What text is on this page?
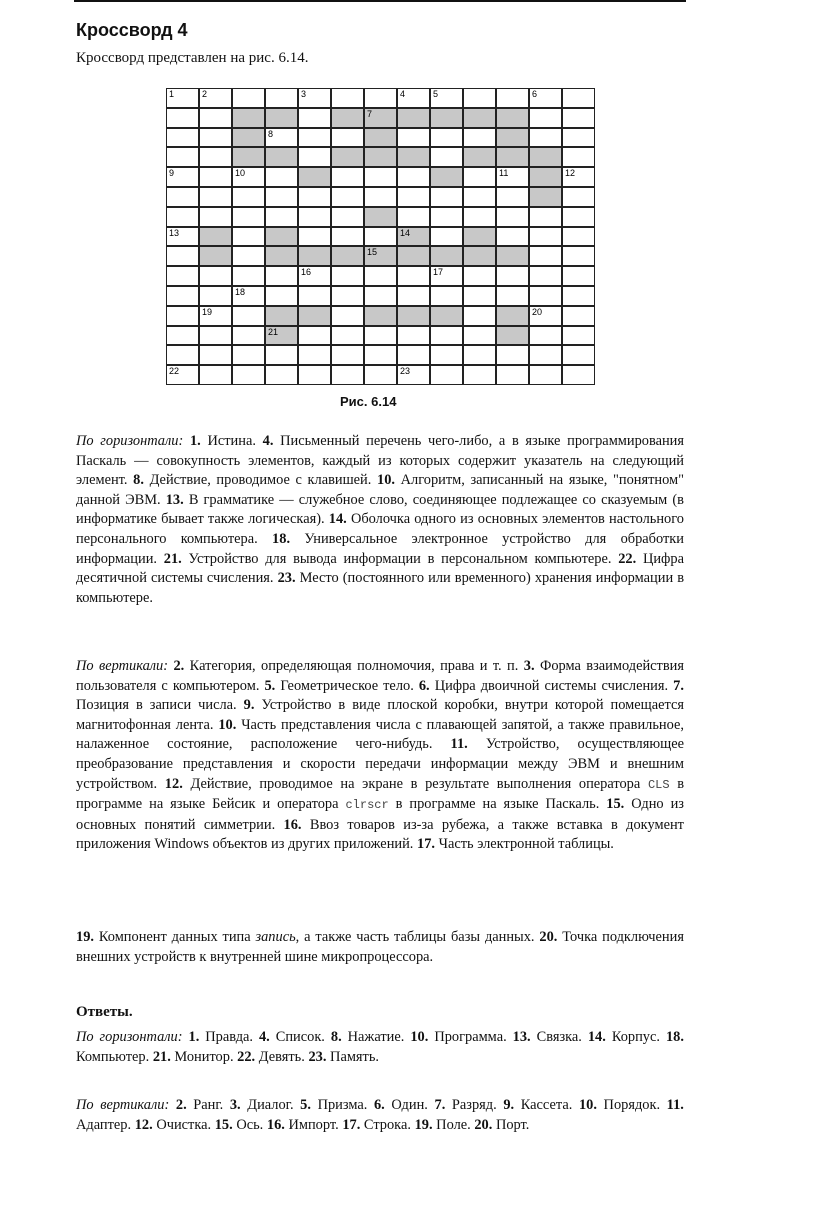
Кроссворд 4
Кроссворд представлен на рис. 6.14.
1	2	3	4	5	6
7
8
9	10	11	12
13	14
15
16	17
18
19	20
21
22	23
Рис. 6.14
По горизонтали: 1. Истина. 4. Письменный перечень чего-либо, а в языке программирования Паскаль — совокупность элементов, каждый из которых содержит указатель на следующий элемент. 8. Действие, проводимое с клавишей. 10. Алгоритм, записанный на языке, "понятном" данной ЭВМ. 13. В грамматике — служебное слово, соединяющее подлежащее со сказуемым (в информатике бывает также логическая). 14. Оболочка одного из основных элементов настольного персонального компьютера. 18. Универсальное электронное устройство для обработки информации. 21. Устройство для вывода информации в персональном компьютере. 22. Цифра десятичной системы счисления. 23. Место (постоянного или временного) хранения информации в компьютере.
По вертикали: 2. Категория, определяющая полномочия, права и т. п. 3. Форма взаимодействия пользователя с компьютером. 5. Геометрическое тело. 6. Цифра двоичной системы счисления. 7. Позиция в записи числа. 9. Устройство в виде плоской коробки, внутри которой помещается магнитофонная лента. 10. Часть представления числа с плавающей запятой, а также правильное, налаженное состояние, расположение чего-нибудь. 11. Устройство, осуществляющее преобразование представления и скорости передачи информации между ЭВМ и внешним устройством. 12. Действие, проводимое на экране в результате выполнения оператора CLS в программе на языке Бейсик и оператора clrscr в программе на языке Паскаль. 15. Одно из основных понятий симметрии. 16. Ввоз товаров из-за рубежа, а также вставка в документ приложения Windows объектов из других приложений. 17. Часть электронной таблицы.
19. Компонент данных типа запись, а также часть таблицы базы данных. 20. Точка подключения внешних устройств к внутренней шине микропроцессора.
Ответы.
По горизонтали: 1. Правда. 4. Список. 8. Нажатие. 10. Программа. 13. Связка. 14. Корпус. 18. Компьютер. 21. Монитор. 22. Девять. 23. Память.
По вертикали: 2. Ранг. 3. Диалог. 5. Призма. 6. Один. 7. Разряд. 9. Кассета. 10. Порядок. 11. Адаптер. 12. Очистка. 15. Ось. 16. Импорт. 17. Строка. 19. Поле. 20. Порт.
